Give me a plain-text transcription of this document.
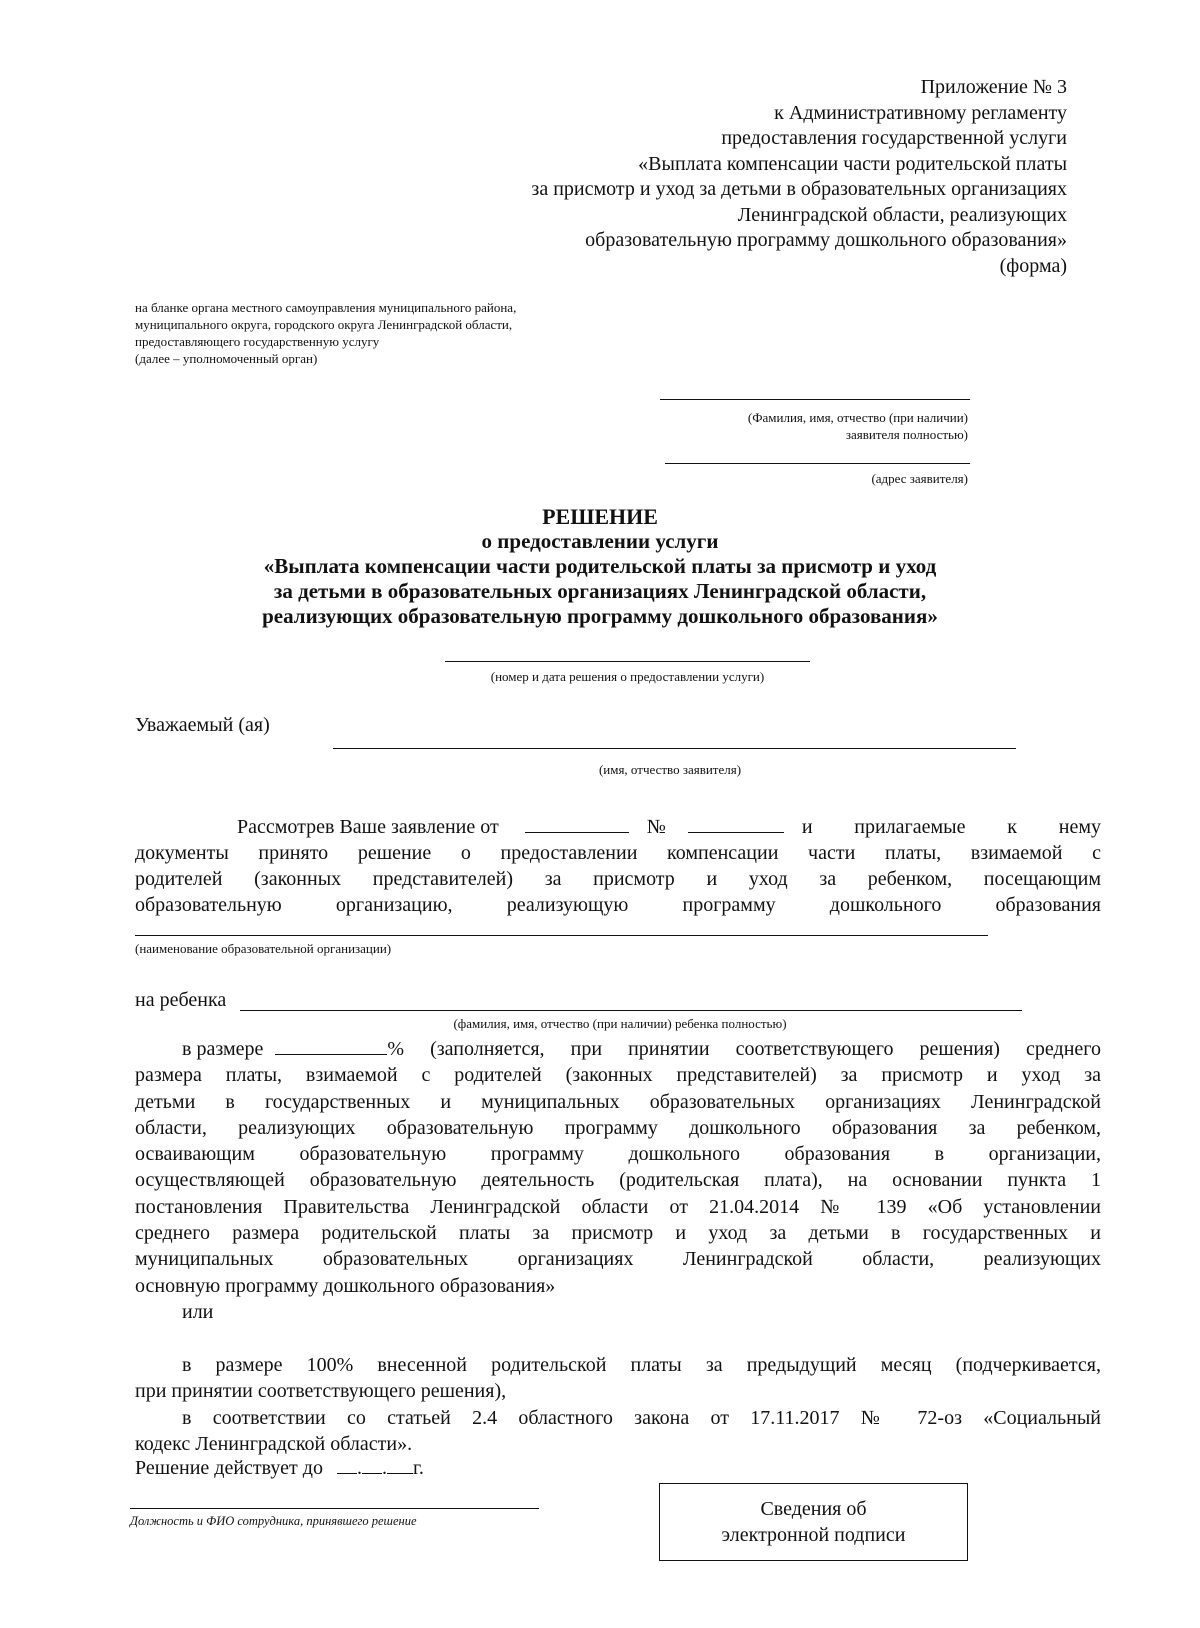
Приложение № 3
к Административному регламенту
предоставления государственной услуги
«Выплата компенсации части родительской платы
за присмотр и уход за детьми в образовательных организациях
Ленинградской области, реализующих
образовательную программу дошкольного образования»
(форма)
на бланке органа местного самоуправления муниципального района,
муниципального округа, городского округа Ленинградской области,
предоставляющего государственную услугу
(далее – уполномоченный орган)
(Фамилия, имя, отчество (при наличии)
заявителя полностью)
(адрес заявителя)
РЕШЕНИЕ
о предоставлении услуги
«Выплата компенсации части родительской платы за присмотр и уход
за детьми в образовательных организациях Ленинградской области,
реализующих образовательную программу дошкольного образования»
(номер и дата решения о предоставлении услуги)
Уважаемый (ая)
(имя, отчество заявителя)
Рассмотрев Ваше заявление от	№	и прилагаемые к нему
документы принято решение о предоставлении компенсации части платы, взимаемой с
родителей (законных представителей) за присмотр и уход за ребенком, посещающим
образовательную организацию, реализующую программу дошкольного образования
(наименование образовательной организации)
на ребенка
(фамилия, имя, отчество (при наличии) ребенка полностью)
в размере	% (заполняется, при принятии соответствующего решения) среднего
размера платы, взимаемой с родителей (законных представителей) за присмотр и уход за
детьми в государственных и муниципальных образовательных организациях Ленинградской
области, реализующих образовательную программу дошкольного образования за ребенком,
осваивающим образовательную программу дошкольного образования в организации,
осуществляющей образовательную деятельность (родительская плата), на основании пункта 1
постановления Правительства Ленинградской области от 21.04.2014 № 139 «Об установлении
среднего размера родительской платы за присмотр и уход за детьми в государственных и
муниципальных образовательных организациях Ленинградской области, реализующих
основную программу дошкольного образования»
или
в размере 100% внесенной родительской платы за предыдущий месяц (подчеркивается,
при принятии соответствующего решения),
в соответствии со статьей 2.4 областного закона от 17.11.2017 № 72-оз «Социальный
кодекс Ленинградской области».
Решение действует до . . г.
Должность и ФИО сотрудника, принявшего решение
Сведения об
электронной подписи
